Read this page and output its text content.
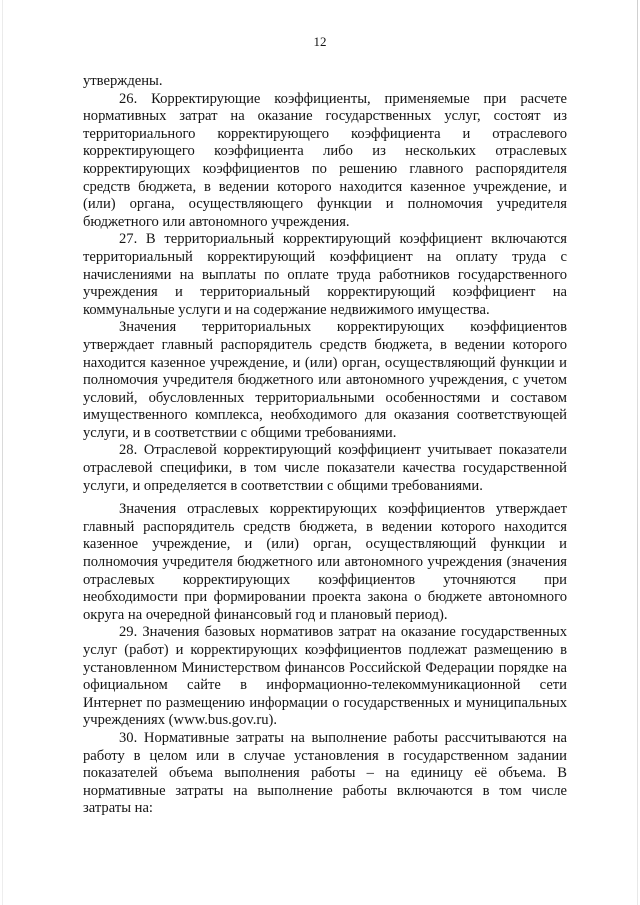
12

утверждены.

26. Корректирующие коэффициенты, применяемые при расчете нормативных затрат на оказание государственных услуг, состоят из территориального корректирующего коэффициента и отраслевого корректирующего коэффициента либо из нескольких отраслевых корректирующих коэффициентов по решению главного распорядителя средств бюджета, в ведении которого находится казенное учреждение, и (или) органа, осуществляющего функции и полномочия учредителя бюджетного или автономного учреждения.

27. В территориальный корректирующий коэффициент включаются территориальный корректирующий коэффициент на оплату труда с начислениями на выплаты по оплате труда работников государственного учреждения и территориальный корректирующий коэффициент на коммунальные услуги и на содержание недвижимого имущества.

Значения территориальных корректирующих коэффициентов утверждает главный распорядитель средств бюджета, в ведении которого находится казенное учреждение, и (или) орган, осуществляющий функции и полномочия учредителя бюджетного или автономного учреждения, с учетом условий, обусловленных территориальными особенностями и составом имущественного комплекса, необходимого для оказания соответствующей услуги, и в соответствии с общими требованиями.

28. Отраслевой корректирующий коэффициент учитывает показатели отраслевой специфики, в том числе показатели качества государственной услуги, и определяется в соответствии с общими требованиями.

Значения отраслевых корректирующих коэффициентов утверждает главный распорядитель средств бюджета, в ведении которого находится казенное учреждение, и (или) орган, осуществляющий функции и полномочия учредителя бюджетного или автономного учреждения (значения отраслевых корректирующих коэффициентов уточняются при необходимости при формировании проекта закона о бюджете автономного округа на очередной финансовый год и плановый период).

29. Значения базовых нормативов затрат на оказание государственных услуг (работ) и корректирующих коэффициентов подлежат размещению в установленном Министерством финансов Российской Федерации порядке на официальном сайте в информационно-телекоммуникационной сети Интернет по размещению информации о государственных и муниципальных учреждениях (www.bus.gov.ru).

30. Нормативные затраты на выполнение работы рассчитываются на работу в целом или в случае установления в государственном задании показателей объема выполнения работы – на единицу её объема. В нормативные затраты на выполнение работы включаются в том числе затраты на:
